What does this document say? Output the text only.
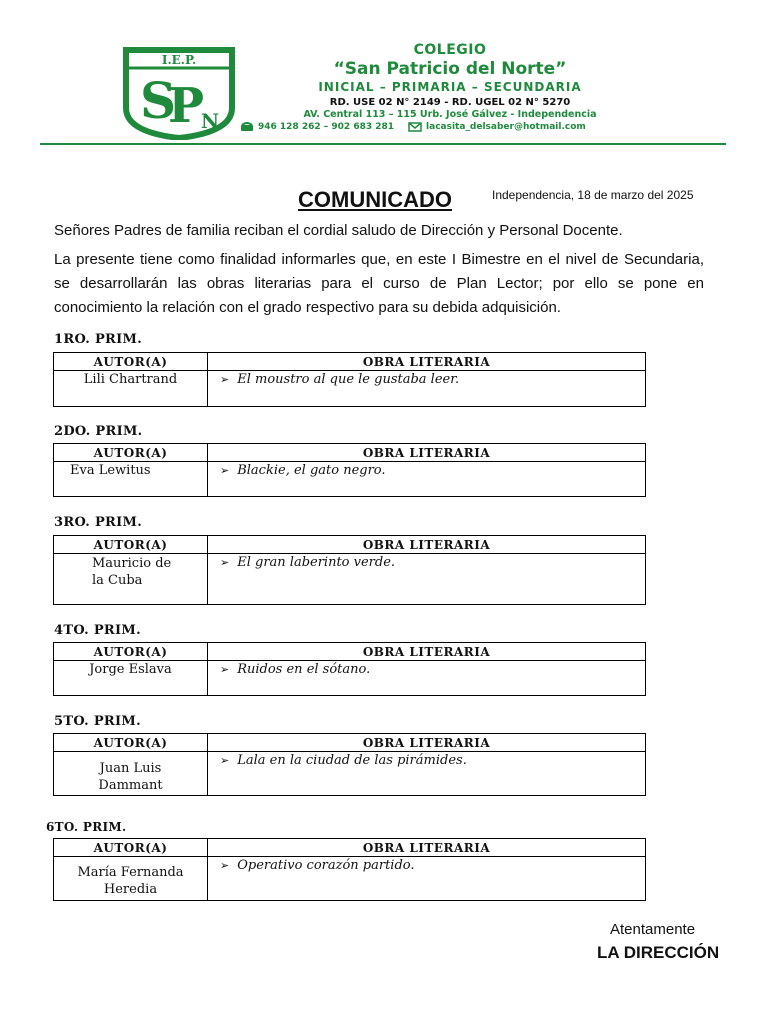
I.E.P.
S
P
N
COLEGIO
“San Patricio del Norte”
INICIAL – PRIMARIA – SECUNDARIA
RD. USE 02 N° 2149 - RD. UGEL 02 N° 5270
AV. Central 113 – 115 Urb. José Gálvez - Independencia
946 128 262 – 902 683 281	lacasita_delsaber@hotmail.com
COMUNICADO	Independencia, 18 de marzo del 2025
Señores Padres de familia reciban el cordial saludo de Dirección y Personal Docente.
La presente tiene como finalidad informarles que, en este I Bimestre en el nivel de Secundaria, se desarrollarán las obras literarias para el curso de Plan Lector; por ello se pone en conocimiento la relación con el grado respectivo para su debida adquisición.
1RO. PRIM.
AUTOR(A)	OBRA LITERARIA
Lili Chartrand	➢ El moustro al que le gustaba leer.
2DO. PRIM.
AUTOR(A)	OBRA LITERARIA
Eva Lewitus	➢ Blackie, el gato negro.
3RO. PRIM.
AUTOR(A)	OBRA LITERARIA

Mauricio de la Cuba	➢ El gran laberinto verde.
4TO. PRIM.
AUTOR(A)	OBRA LITERARIA
Jorge Eslava	➢ Ruidos en el sótano.
5TO. PRIM.
AUTOR(A)	OBRA LITERARIA

Juan Luis Dammant	➢ Lala en la ciudad de las pirámides.
6TO. PRIM.
AUTOR(A)	OBRA LITERARIA

María Fernanda Heredia	➢ Operativo corazón partido.
Atentamente
LA DIRECCIÓN
